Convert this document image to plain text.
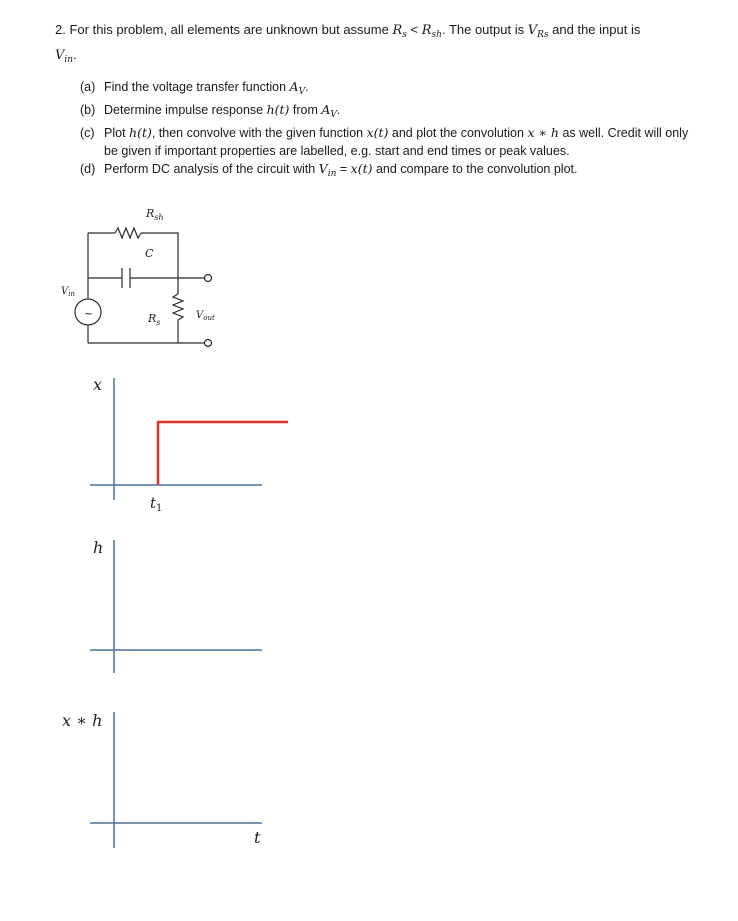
2. For this problem, all elements are unknown but assume $R_s < R_{sh}$. The output is $V_{Rs}$ and the input is
$V_{in}$.
(a) Find the voltage transfer function $A_V$.
(b) Determine impulse response h(t) from $A_V$.
(c) Plot h(t), then convolve with the given function x(t) and plot the convolution x ∗ h as well. Credit will only be given if important properties are labelled, e.g. start and end times or peak values.
(d) Perform DC analysis of the circuit with $V_{in} = x(t)$ and compare to the convolution plot.
$R_{sh}$
C
$V_{in}$
~	$R_s$
$V_{out}$
x
$t_1$
h
x ∗ h
t
